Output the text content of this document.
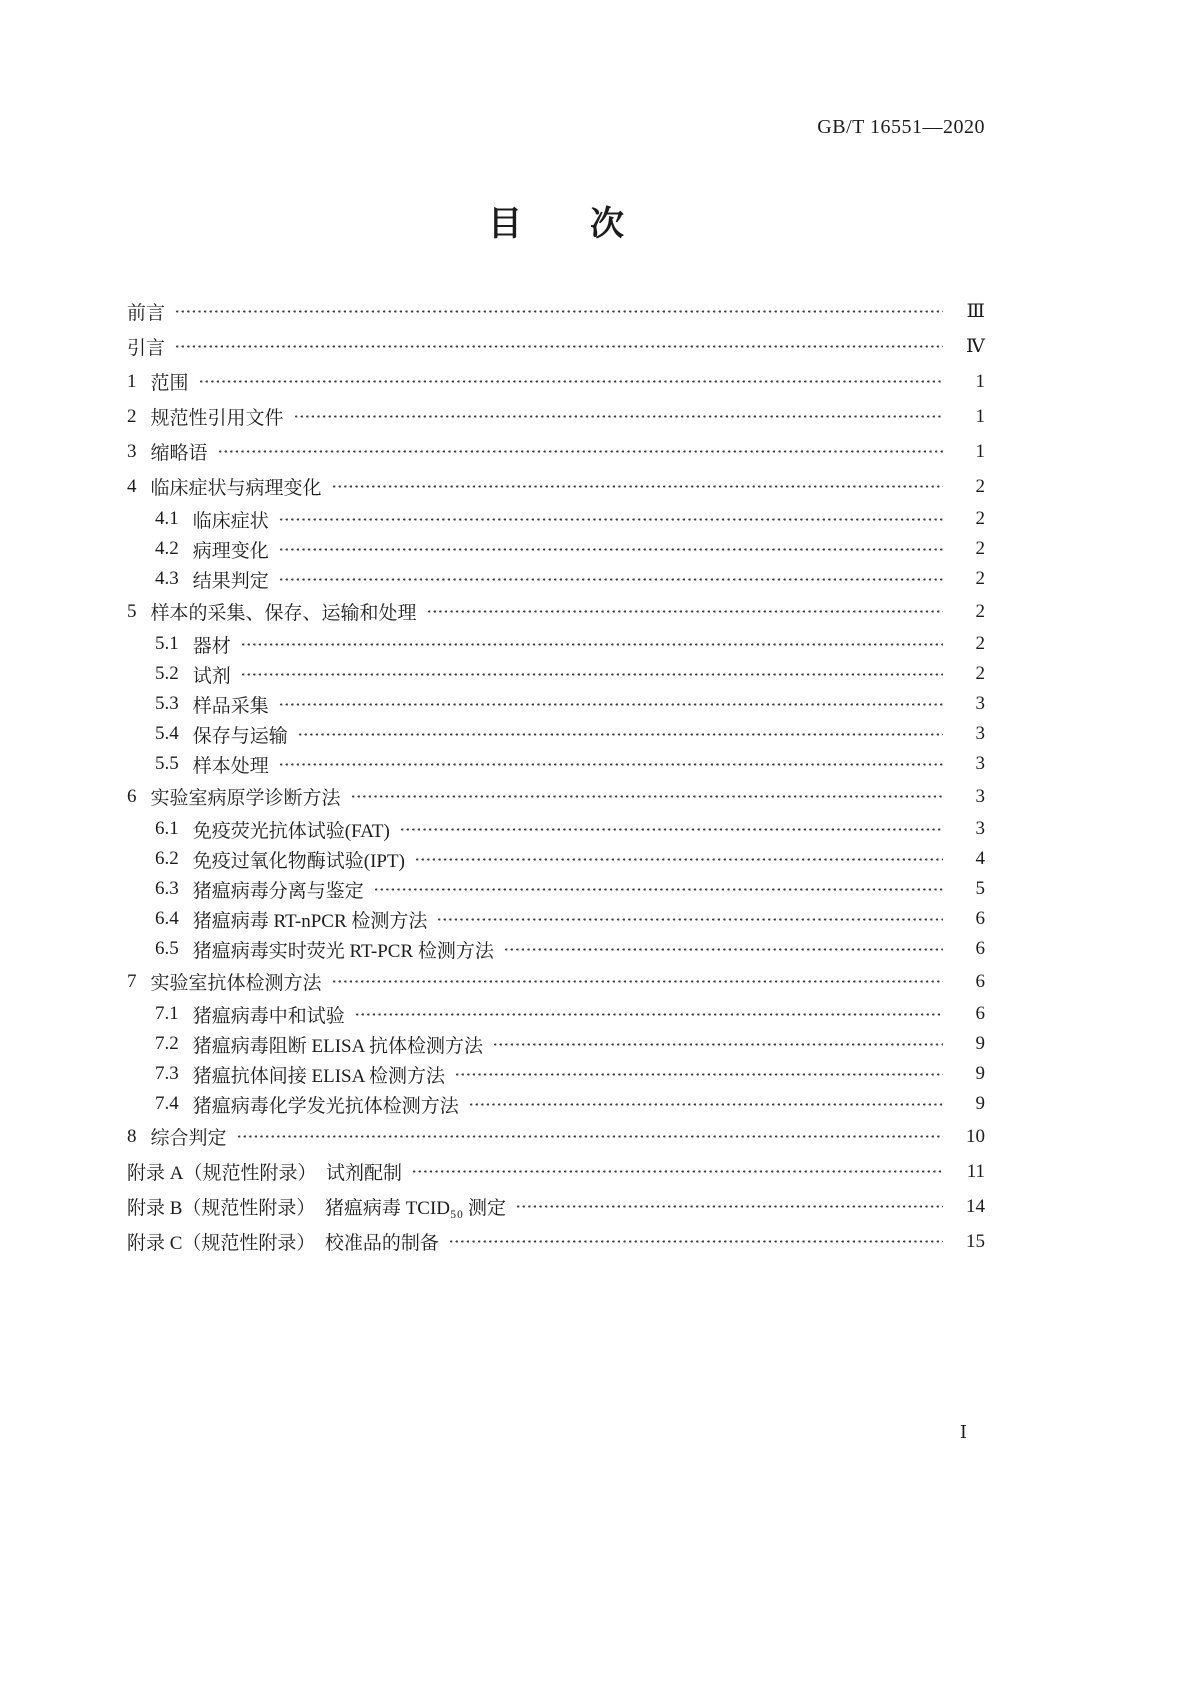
GB/T 16551—2020
目　　次
前言	Ⅲ
引言	Ⅳ
1 范围	1
2 规范性引用文件	1
3 缩略语	1
4 临床症状与病理变化	2
4.1 临床症状	2
4.2 病理变化	2
4.3 结果判定	2
5 样本的采集、保存、运输和处理	2
5.1 器材	2
5.2 试剂	2
5.3 样品采集	3
5.4 保存与运输	3
5.5 样本处理	3
6 实验室病原学诊断方法	3
6.1 免疫荧光抗体试验(FAT)	3
6.2 免疫过氧化物酶试验(IPT)	4
6.3 猪瘟病毒分离与鉴定	5
6.4 猪瘟病毒 RT-nPCR 检测方法	6
6.5 猪瘟病毒实时荧光 RT-PCR 检测方法	6
7 实验室抗体检测方法	6
7.1 猪瘟病毒中和试验	6
7.2 猪瘟病毒阻断 ELISA 抗体检测方法	9
7.3 猪瘟抗体间接 ELISA 检测方法	9
7.4 猪瘟病毒化学发光抗体检测方法	9
8 综合判定	10
附录 A（规范性附录）　试剂配制	11
附录 B（规范性附录）　猪瘟病毒 TCID₅₀ 测定	14
附录 C（规范性附录）　校准品的制备	15
Ⅰ
